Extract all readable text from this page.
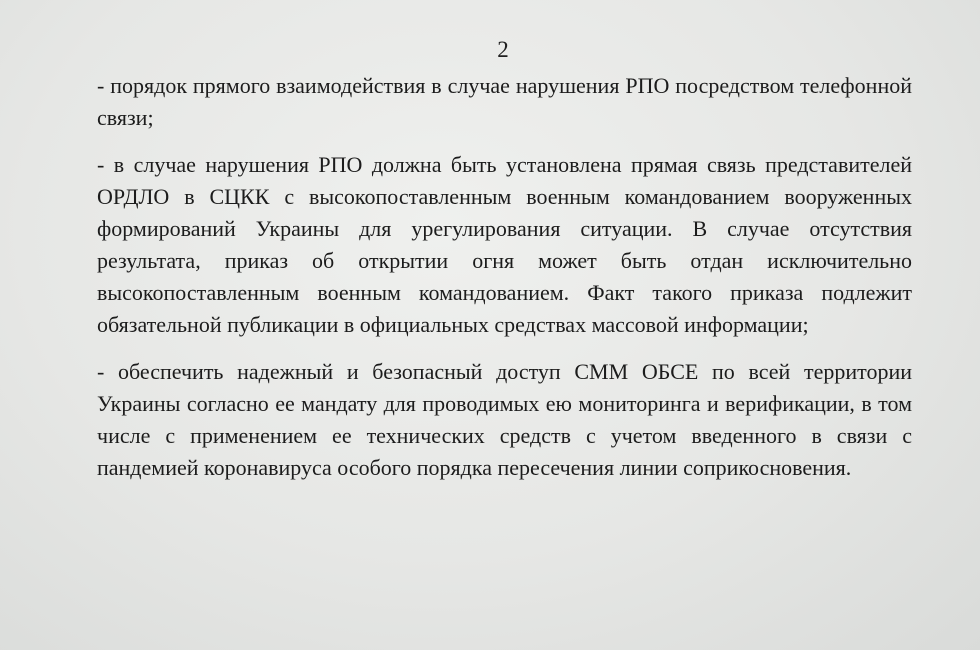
2

- порядок прямого взаимодействия в случае нарушения РПО посредством телефонной связи;

- в случае нарушения РПО должна быть установлена прямая связь представителей ОРДЛО в СЦКК с высокопоставленным военным командованием вооруженных формирований Украины для урегулирования ситуации. В случае отсутствия результата, приказ об открытии огня может быть отдан исключительно высокопоставленным военным командованием. Факт такого приказа подлежит обязательной публикации в официальных средствах массовой информации;

- обеспечить надежный и безопасный доступ СММ ОБСЕ по всей территории Украины согласно ее мандату для проводимых ею мониторинга и верификации, в том числе с применением ее технических средств с учетом введенного в связи с пандемией коронавируса особого порядка пересечения линии соприкосновения.
